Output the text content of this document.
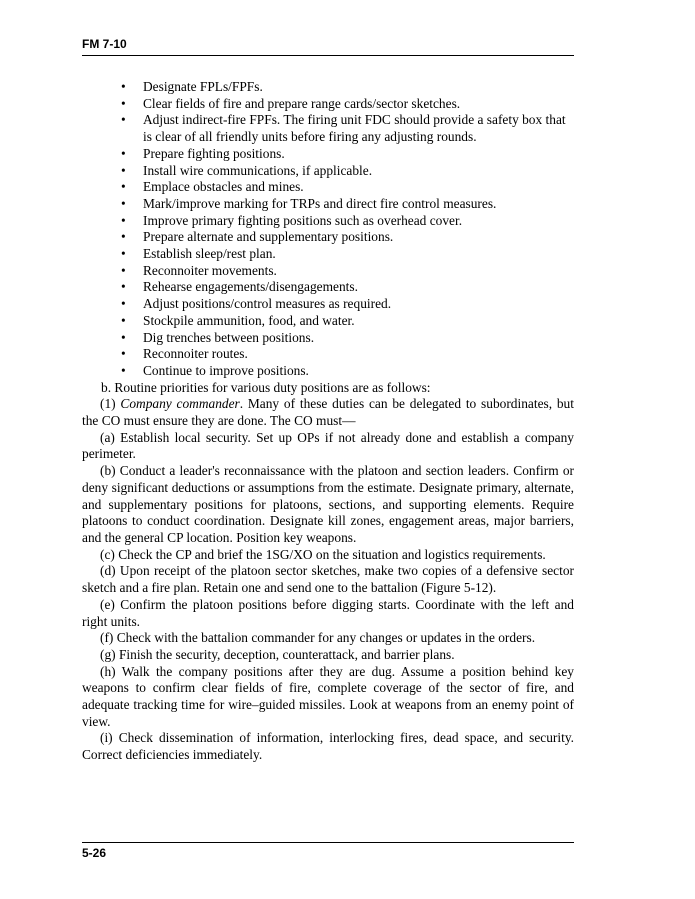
FM 7-10
• Designate FPLs/FPFs.
• Clear fields of fire and prepare range cards/sector sketches.
• Adjust indirect-fire FPFs. The firing unit FDC should provide a safety box that is clear of all friendly units before firing any adjusting rounds.
• Prepare fighting positions.
• Install wire communications, if applicable.
• Emplace obstacles and mines.
• Mark/improve marking for TRPs and direct fire control measures.
• Improve primary fighting positions such as overhead cover.
• Prepare alternate and supplementary positions.
• Establish sleep/rest plan.
• Reconnoiter movements.
• Rehearse engagements/disengagements.
• Adjust positions/control measures as required.
• Stockpile ammunition, food, and water.
• Dig trenches between positions.
• Reconnoiter routes.
• Continue to improve positions.

b. Routine priorities for various duty positions are as follows:

(1) Company commander. Many of these duties can be delegated to subordinates, but the CO must ensure they are done. The CO must—

(a) Establish local security. Set up OPs if not already done and establish a company perimeter.

(b) Conduct a leader's reconnaissance with the platoon and section leaders. Confirm or deny significant deductions or assumptions from the estimate. Designate primary, alternate, and supplementary positions for platoons, sections, and supporting elements. Require platoons to conduct coordination. Designate kill zones, engagement areas, major barriers, and the general CP location. Position key weapons.

(c) Check the CP and brief the 1SG/XO on the situation and logistics requirements.

(d) Upon receipt of the platoon sector sketches, make two copies of a defensive sector sketch and a fire plan. Retain one and send one to the battalion (Figure 5-12).

(e) Confirm the platoon positions before digging starts. Coordinate with the left and right units.

(f) Check with the battalion commander for any changes or updates in the orders.

(g) Finish the security, deception, counterattack, and barrier plans.

(h) Walk the company positions after they are dug. Assume a position behind key weapons to confirm clear fields of fire, complete coverage of the sector of fire, and adequate tracking time for wire–guided missiles. Look at weapons from an enemy point of view.

(i) Check dissemination of information, interlocking fires, dead space, and security. Correct deficiencies immediately.

5-26
